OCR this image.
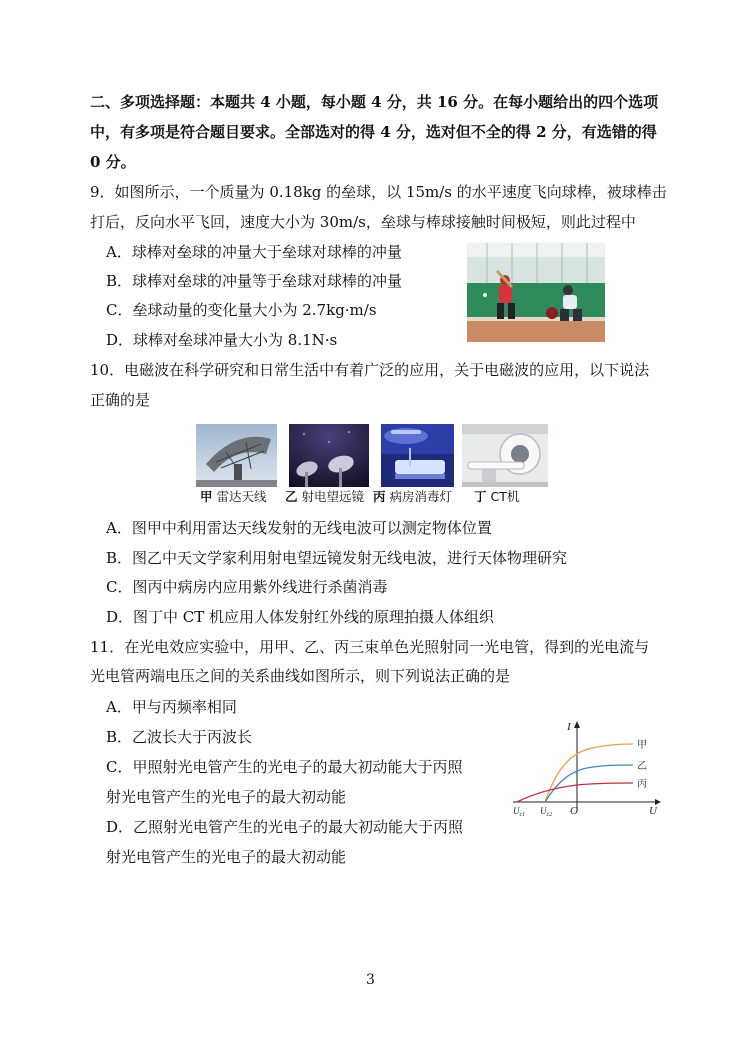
二、多项选择题：本题共 4 小题，每小题 4 分，共 16 分。在每小题给出的四个选项
中，有多项是符合题目要求。全部选对的得 4 分，选对但不全的得 2 分，有选错的得
0 分。
9．如图所示，一个质量为 0.18kg 的垒球，以 15m/s 的水平速度飞向球棒，被球棒击
打后，反向水平飞回，速度大小为 30m/s，垒球与棒球接触时间极短，则此过程中
A．球棒对垒球的冲量大于垒球对球棒的冲量
B．球棒对垒球的冲量等于垒球对球棒的冲量
C．垒球动量的变化量大小为 2.7kg·m/s
D．球棒对垒球冲量大小为 8.1N·s
10．电磁波在科学研究和日常生活中有着广泛的应用，关于电磁波的应用，以下说法
正确的是
甲 雷达天线 乙 射电望远镜 丙 病房消毒灯 丁 CT机
A．图甲中利用雷达天线发射的无线电波可以测定物体位置
B．图乙中天文学家利用射电望远镜发射无线电波，进行天体物理研究
C．图丙中病房内应用紫外线进行杀菌消毒
D．图丁中 CT 机应用人体发射红外线的原理拍摄人体组织
11．在光电效应实验中，用甲、乙、丙三束单色光照射同一光电管，得到的光电流与
光电管两端电压之间的关系曲线如图所示，则下列说法正确的是
A．甲与丙频率相同
B．乙波长大于丙波长
C．甲照射光电管产生的光电子的最大初动能大于丙照
射光电管产生的光电子的最大初动能
D．乙照射光电管产生的光电子的最大初动能大于丙照
射光电管产生的光电子的最大初动能
I
U
O
$U_{c1}$ $U_{c2}$
甲
乙
丙
3
